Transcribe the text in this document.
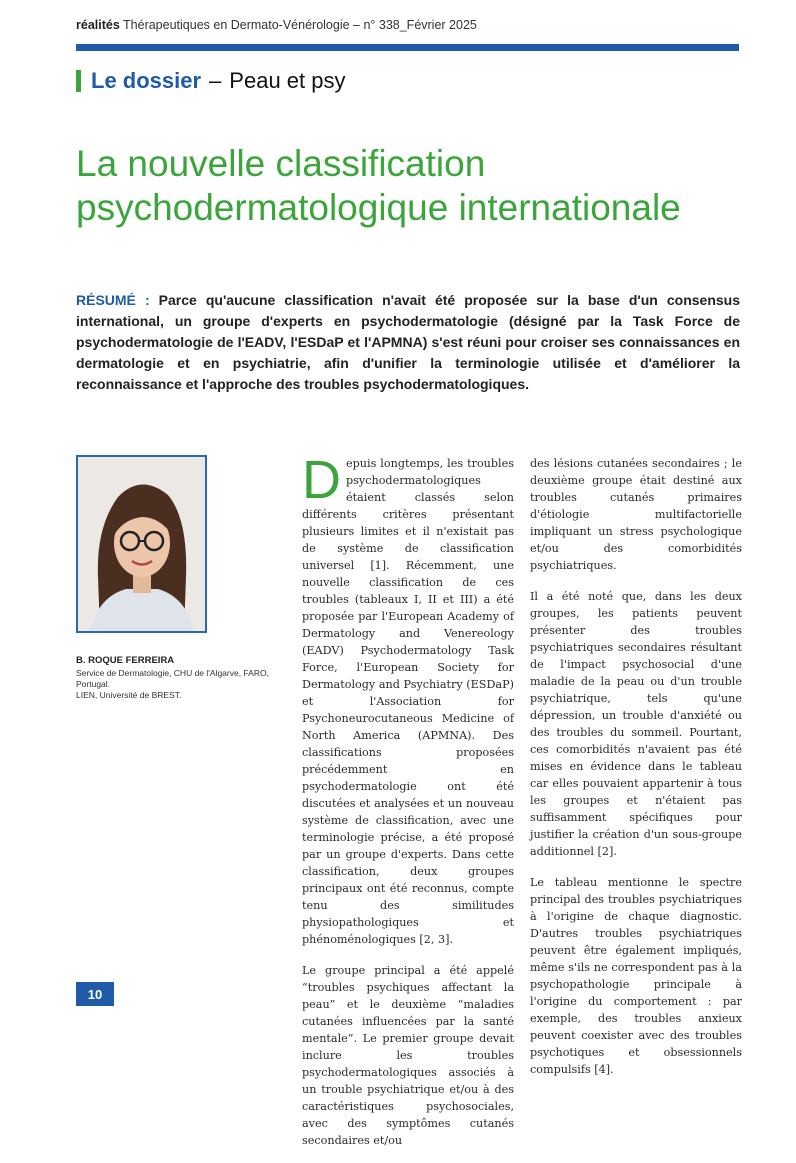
réalités Thérapeutiques en Dermato-Vénérologie – n° 338_Février 2025
Le dossier – Peau et psy
La nouvelle classification psychodermatologique internationale
RÉSUMÉ : Parce qu'aucune classification n'avait été proposée sur la base d'un consensus international, un groupe d'experts en psychodermatologie (désigné par la Task Force de psychodermatologie de l'EADV, l'ESDaP et l'APMNA) s'est réuni pour croiser ses connaissances en dermatologie et en psychiatrie, afin d'unifier la terminologie utilisée et d'améliorer la reconnaissance et l'approche des troubles psychodermatologiques.
B. ROQUE FERREIRA
Service de Dermatologie, CHU de l'Algarve, FARO, Portugal.
LIEN, Université de BREST.

Depuis longtemps, les troubles psychodermatologiques étaient classés selon différents critères présentant plusieurs limites et il n'existait pas de système de classification universel [1]. Récemment, une nouvelle classification de ces troubles (tableaux I, II et III) a été proposée par l'European Academy of Dermatology and Venereology (EADV) Psychodermatology Task Force, l'European Society for Dermatology and Psychiatry (ESDaP) et l'Association for Psychoneurocutaneous Medicine of North America (APMNA). Des classifications proposées précédemment en psychodermatologie ont été discutées et analysées et un nouveau système de classification, avec une terminologie précise, a été proposé par un groupe d'experts. Dans cette classification, deux groupes principaux ont été reconnus, compte tenu des similitudes physiopathologiques et phénoménologiques [2, 3].

Le groupe principal a été appelé “troubles psychiques affectant la peau” et le deuxième “maladies cutanées influencées par la santé mentale”. Le premier groupe devait inclure les troubles psychodermatologiques associés à un trouble psychiatrique et/ou à des caractéristiques psychosociales, avec des symptômes cutanés secondaires et/ou

des lésions cutanées secondaires ; le deuxième groupe était destiné aux troubles cutanés primaires d'étiologie multifactorielle impliquant un stress psychologique et/ou des comorbidités psychiatriques.

Il a été noté que, dans les deux groupes, les patients peuvent présenter des troubles psychiatriques secondaires résultant de l'impact psychosocial d'une maladie de la peau ou d'un trouble psychiatrique, tels qu'une dépression, un trouble d'anxiété ou des troubles du sommeil. Pourtant, ces comorbidités n'avaient pas été mises en évidence dans le tableau car elles pouvaient appartenir à tous les groupes et n'étaient pas suffisamment spécifiques pour justifier la création d'un sous-groupe additionnel [2].

Le tableau mentionne le spectre principal des troubles psychiatriques à l'origine de chaque diagnostic. D'autres troubles psychiatriques peuvent être également impliqués, même s'ils ne correspondent pas à la psychopathologie principale à l'origine du comportement : par exemple, des troubles anxieux peuvent coexister avec des troubles psychotiques et obsessionnels compulsifs [4].

10
